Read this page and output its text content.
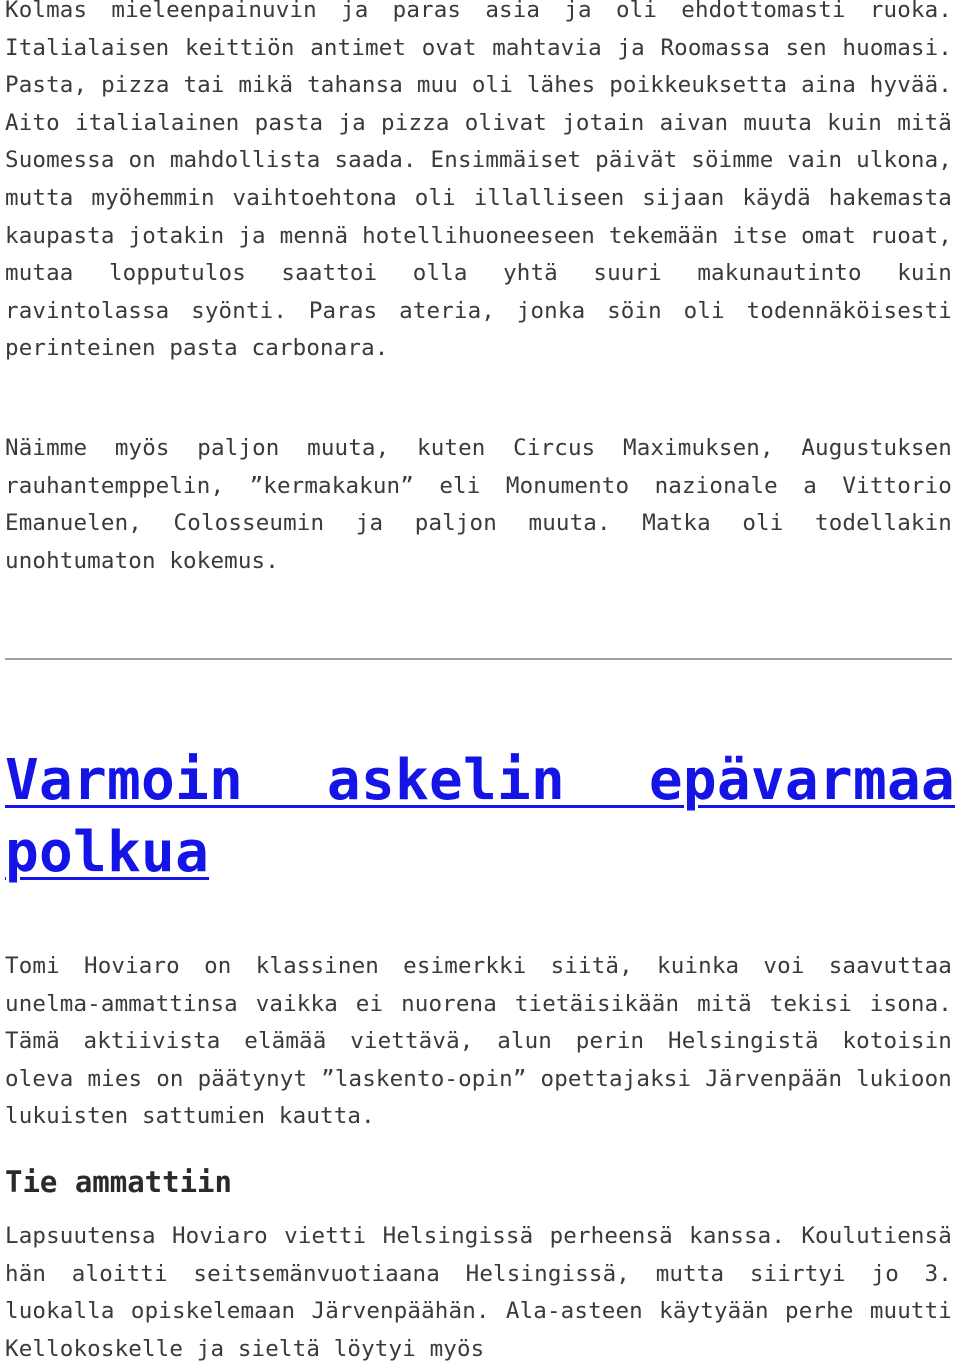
Kolmas mieleenpainuvin ja paras asia ja oli ehdottomasti ruoka. Italialaisen keittiön antimet ovat mahtavia ja Roomassa sen huomasi. Pasta, pizza tai mikä tahansa muu oli lähes poikkeuksetta aina hyvää. Aito italialainen pasta ja pizza olivat jotain aivan muuta kuin mitä Suomessa on mahdollista saada. Ensimmäiset päivät söimme vain ulkona, mutta myöhemmin vaihtoehtona oli illalliseen sijaan käydä hakemasta kaupasta jotakin ja mennä hotellihuoneeseen tekemään itse omat ruoat, mutaa lopputulos saattoi olla yhtä suuri makunautinto kuin ravintolassa syönti. Paras ateria, jonka söin oli todennäköisesti perinteinen pasta carbonara.

Näimme myös paljon muuta, kuten Circus Maximuksen, Augustuksen rauhantemppelin, ”kermakakun” eli Monumento nazionale a Vittorio Emanuelen, Colosseumin ja paljon muuta. Matka oli todellakin unohtumaton kokemus.

Varmoin askelin epävarmaa polkua

Tomi Hoviaro on klassinen esimerkki siitä, kuinka voi saavuttaa unelma-ammattinsa vaikka ei nuorena tietäisikään mitä tekisi isona. Tämä aktiivista elämää viettävä, alun perin Helsingistä kotoisin oleva mies on päätynyt ”laskento-opin” opettajaksi Järvenpään lukioon lukuisten sattumien kautta.

Tie ammattiin

Lapsuutensa Hoviaro vietti Helsingissä perheensä kanssa. Koulutiensä hän aloitti seitsemänvuotiaana Helsingissä, mutta siirtyi jo 3. luokalla opiskelemaan Järvenpäähän. Ala-asteen käytyään perhe muutti Kellokoskelle ja sieltä löytyi myös
